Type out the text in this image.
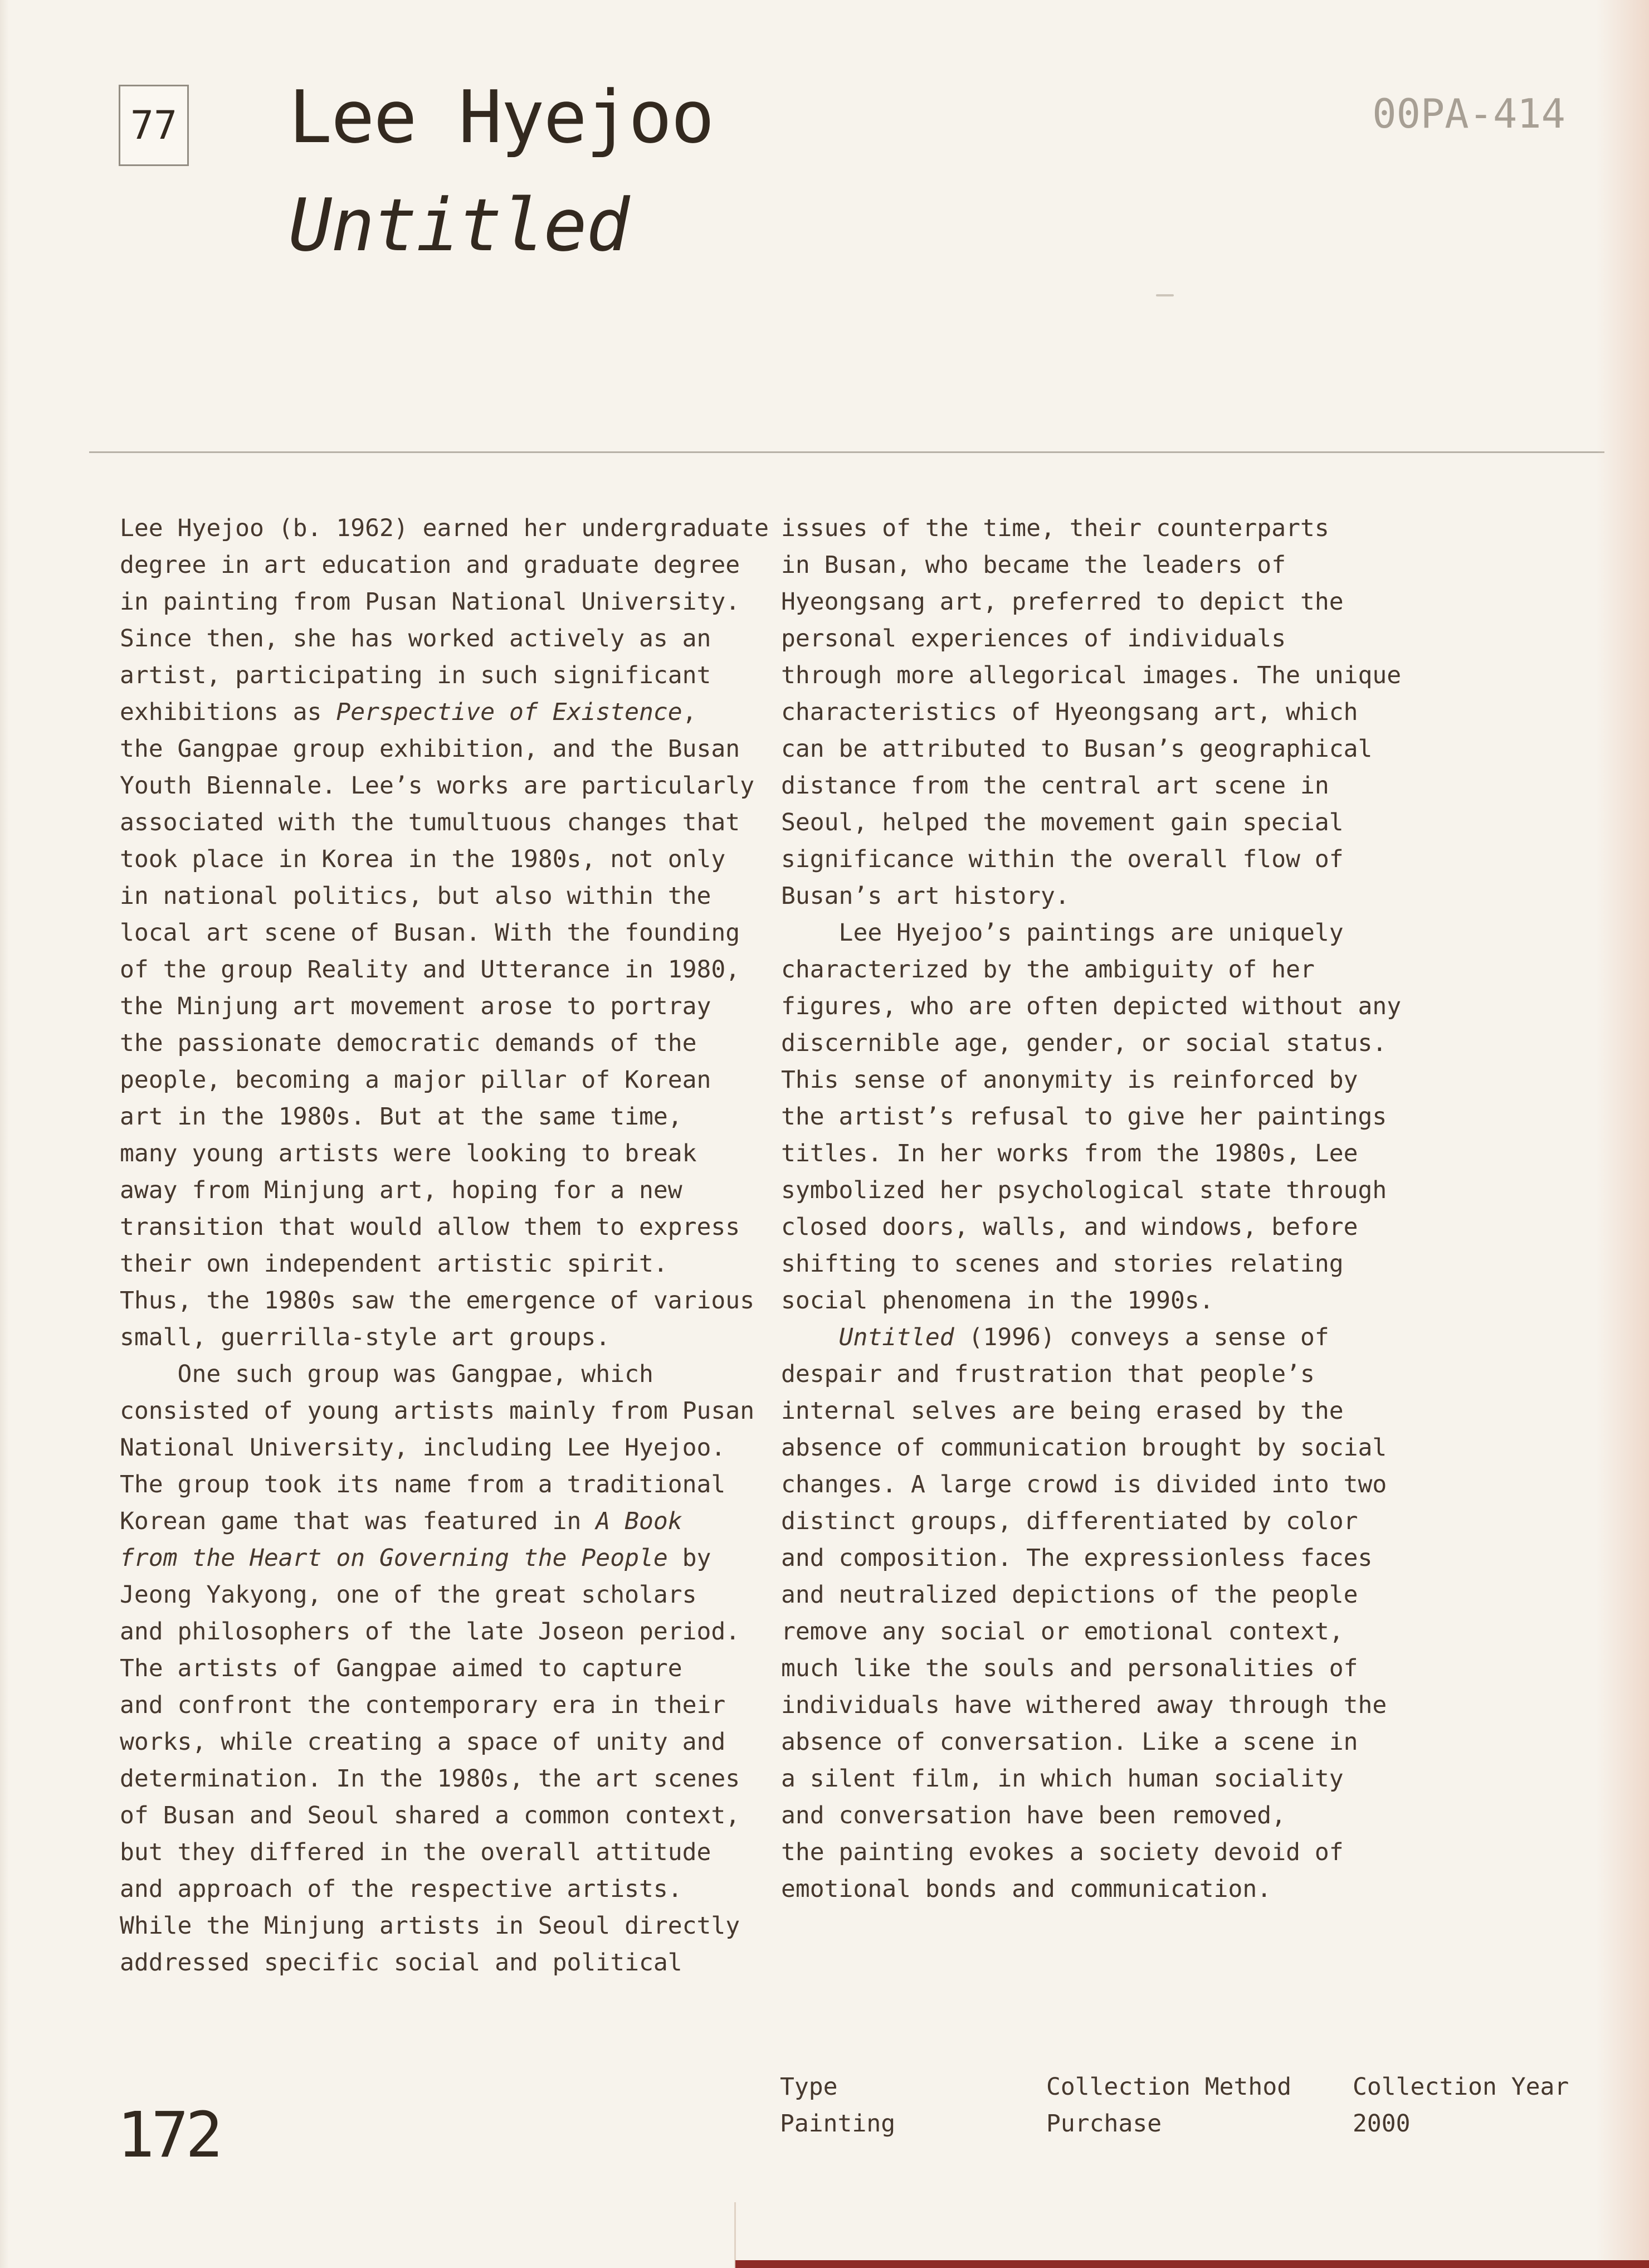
77 Lee Hyejoo
Untitled
00PA-414
Lee Hyejoo (b. 1962) earned her undergraduate
degree in art education and graduate degree
in painting from Pusan National University.
Since then, she has worked actively as an
artist, participating in such significant
exhibitions as Perspective of Existence,
the Gangpae group exhibition, and the Busan
Youth Biennale. Lee’s works are particularly
associated with the tumultuous changes that
took place in Korea in the 1980s, not only
in national politics, but also within the
local art scene of Busan. With the founding
of the group Reality and Utterance in 1980,
the Minjung art movement arose to portray
the passionate democratic demands of the
people, becoming a major pillar of Korean
art in the 1980s. But at the same time,
many young artists were looking to break
away from Minjung art, hoping for a new
transition that would allow them to express
their own independent artistic spirit.
Thus, the 1980s saw the emergence of various
small, guerrilla-style art groups.
One such group was Gangpae, which
consisted of young artists mainly from Pusan
National University, including Lee Hyejoo.
The group took its name from a traditional
Korean game that was featured in A Book
from the Heart on Governing the People by
Jeong Yakyong, one of the great scholars
and philosophers of the late Joseon period.
The artists of Gangpae aimed to capture
and confront the contemporary era in their
works, while creating a space of unity and
determination. In the 1980s, the art scenes
of Busan and Seoul shared a common context,
but they differed in the overall attitude
and approach of the respective artists.
While the Minjung artists in Seoul directly
addressed specific social and political
issues of the time, their counterparts
in Busan, who became the leaders of
Hyeongsang art, preferred to depict the
personal experiences of individuals
through more allegorical images. The unique
characteristics of Hyeongsang art, which
can be attributed to Busan’s geographical
distance from the central art scene in
Seoul, helped the movement gain special
significance within the overall flow of
Busan’s art history.
Lee Hyejoo’s paintings are uniquely
characterized by the ambiguity of her
figures, who are often depicted without any
discernible age, gender, or social status.
This sense of anonymity is reinforced by
the artist’s refusal to give her paintings
titles. In her works from the 1980s, Lee
symbolized her psychological state through
closed doors, walls, and windows, before
shifting to scenes and stories relating
social phenomena in the 1990s.
Untitled (1996) conveys a sense of
despair and frustration that people’s
internal selves are being erased by the
absence of communication brought by social
changes. A large crowd is divided into two
distinct groups, differentiated by color
and composition. The expressionless faces
and neutralized depictions of the people
remove any social or emotional context,
much like the souls and personalities of
individuals have withered away through the
absence of conversation. Like a scene in
a silent film, in which human sociality
and conversation have been removed,
the painting evokes a society devoid of
emotional bonds and communication.
Type
Painting
Collection Method
Purchase
Collection Year
2000
172
